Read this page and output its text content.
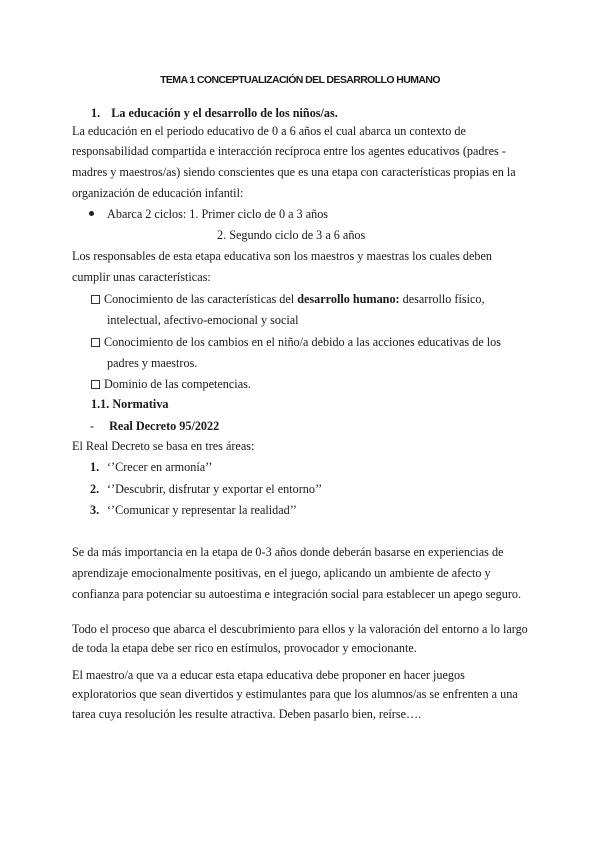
TEMA 1 CONCEPTUALIZACIÓN DEL DESARROLLO HUMANO
1. La educación y el desarrollo de los niños/as.
La educación en el periodo educativo de 0 a 6 años el cual abarca un contexto de
responsabilidad compartida e interacción recíproca entre los agentes educativos (padres -
madres y maestros/as) siendo conscientes que es una etapa con características propias en la
organización de educación infantil:
Abarca 2 ciclos: 1. Primer ciclo de 0 a 3 años
2. Segundo ciclo de 3 a 6 años
Los responsables de esta etapa educativa son los maestros y maestras los cuales deben
cumplir unas características:
Conocimiento de las características del desarrollo humano: desarrollo físico,
intelectual, afectivo-emocional y social
Conocimiento de los cambios en el niño/a debido a las acciones educativas de los
padres y maestros.
Dominio de las competencias.
1.1. Normativa
- Real Decreto 95/2022
El Real Decreto se basa en tres áreas:
1. ‘’Crecer en armonía’’
2. ‘’Descubrir, disfrutar y exportar el entorno’’
3. ‘’Comunicar y representar la realidad’’
Se da más importancia en la etapa de 0-3 años donde deberán basarse en experiencias de
aprendizaje emocionalmente positivas, en el juego, aplicando un ambiente de afecto y
confianza para potenciar su autoestima e integración social para establecer un apego seguro.
Todo el proceso que abarca el descubrimiento para ellos y la valoración del entorno a lo largo
de toda la etapa debe ser rico en estímulos, provocador y emocionante.
El maestro/a que va a educar esta etapa educativa debe proponer en hacer juegos
exploratorios que sean divertidos y estimulantes para que los alumnos/as se enfrenten a una
tarea cuya resolución les resulte atractiva. Deben pasarlo bien, reírse….
